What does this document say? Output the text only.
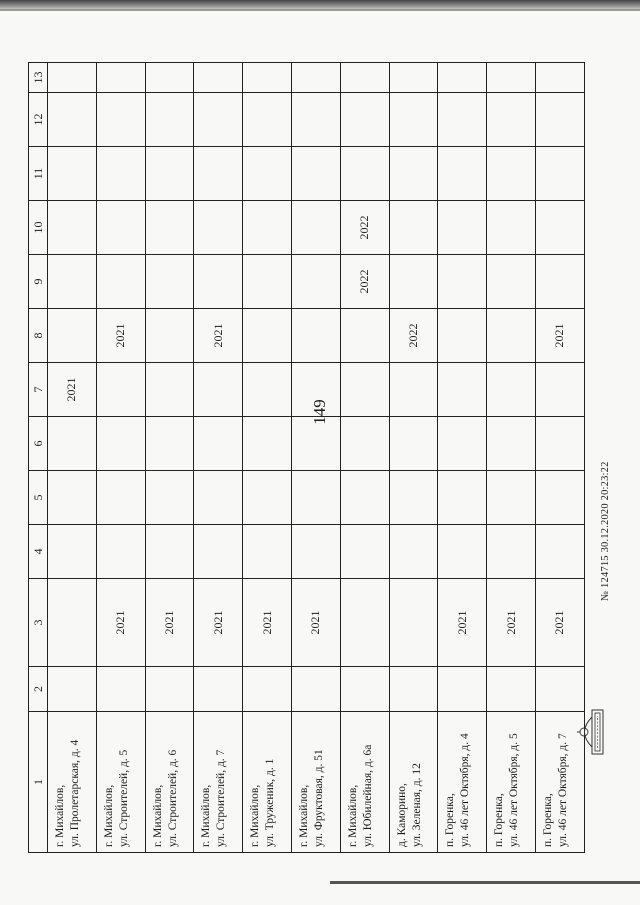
149
1	2	3	4	5	6	7	8	9	10	11	12	13

г. Михайлов, ул. Пролетарская, д. 4						2021						

г. Михайлов, ул. Строителей, д. 5		2021					2021					

г. Михайлов, ул. Строителей, д. 6		2021										

г. Михайлов, ул. Строителей, д. 7		2021					2021					

г. Михайлов, ул. Труженик, д. 1		2021										

г. Михайлов, ул. Фруктовая, д. 51		2021										

г. Михайлов, ул. Юбилейная, д. 6а								2022	2022			

д. Каморино, ул. Зеленая, д. 12							2022					

п. Горенка, ул. 46 лет Октября, д. 4		2021										

п. Горенка, ул. 46 лет Октября, д. 5		2021										

п. Горенка, ул. 46 лет Октября, д. 7		2021					2021					
№ 124715 30.12.2020 20:23:22
